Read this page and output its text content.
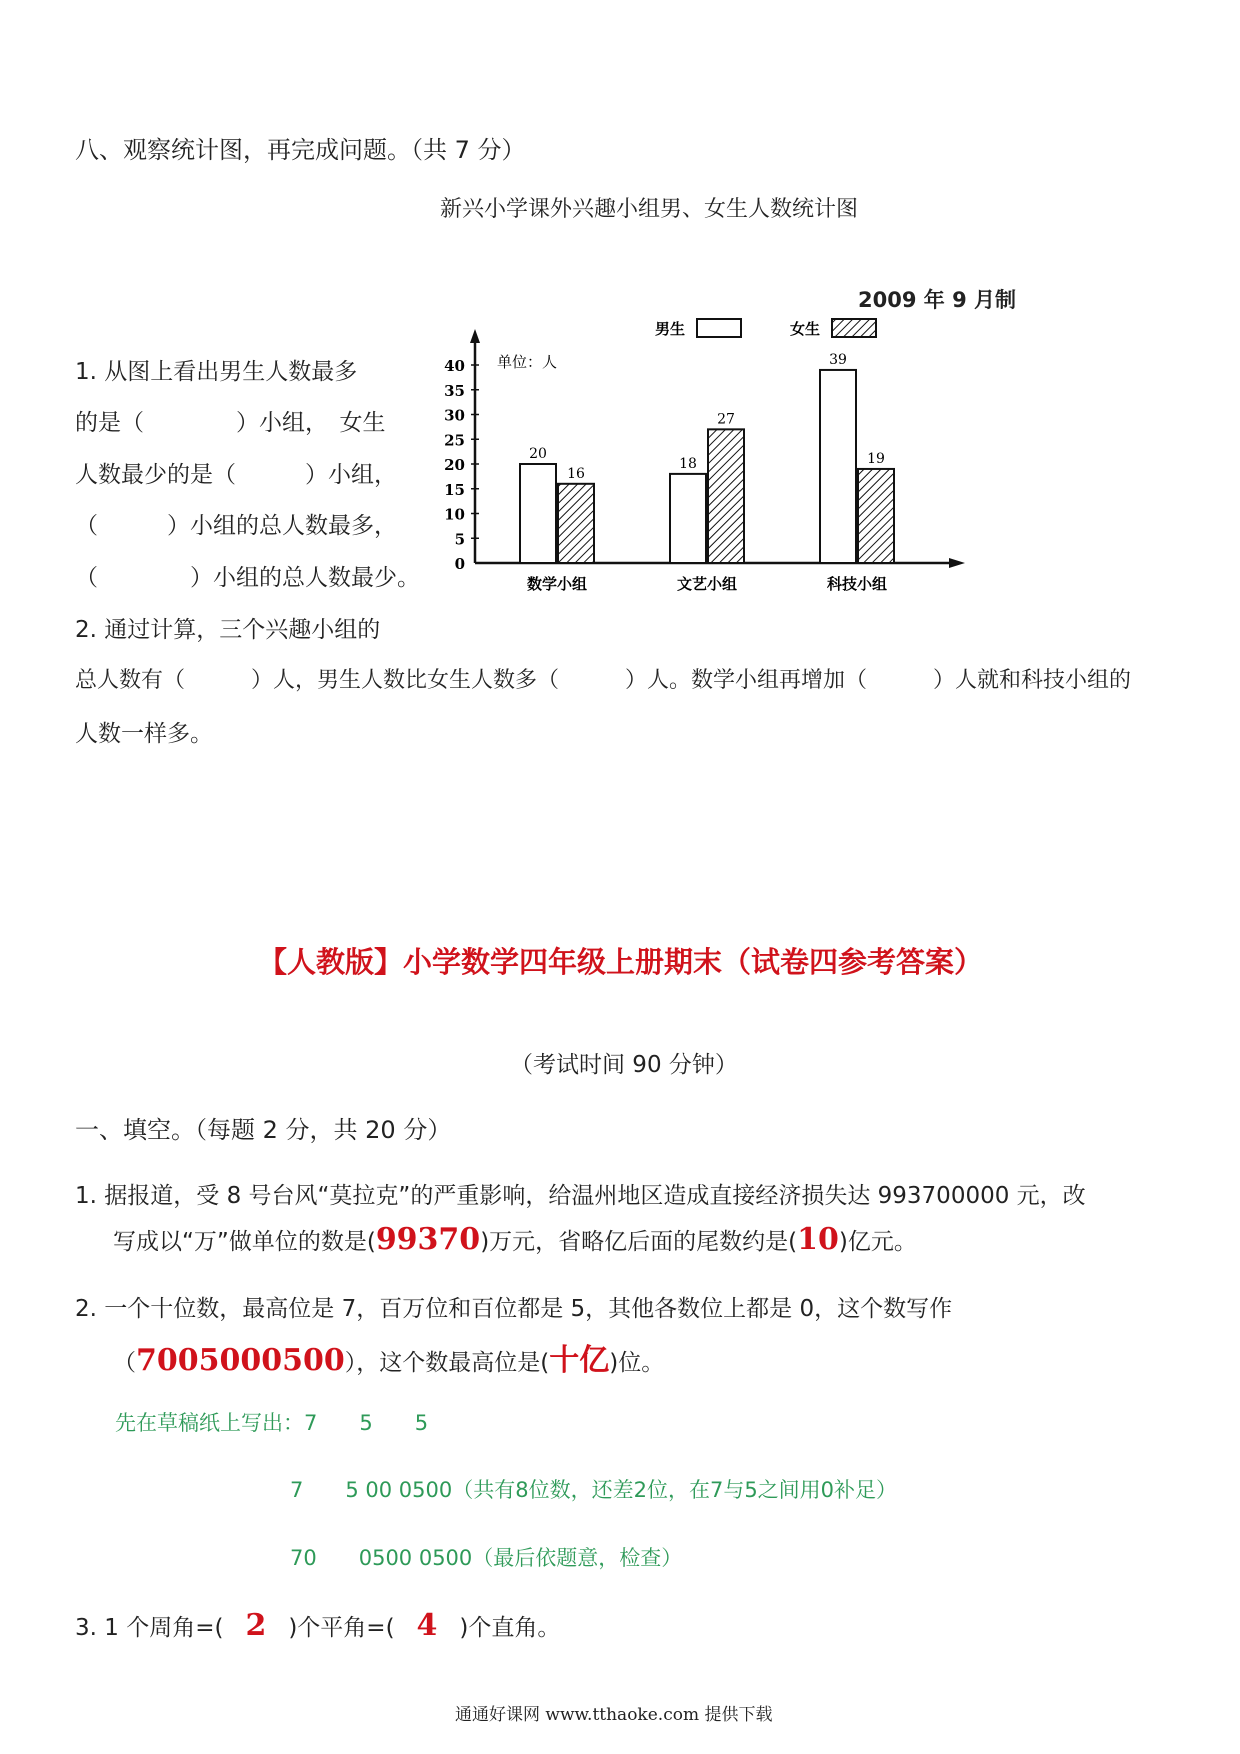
八、观察统计图，再完成问题。（共 7 分）
新兴小学课外兴趣小组男、女生人数统计图
2009 年 9 月制
1. 从图上看出男生人数最多
的是（　　　　）小组，　女生
人数最少的是（　　　）小组，
（　　　）小组的总人数最多，
（　　　　）小组的总人数最少。
2. 通过计算，三个兴趣小组的
总人数有（　　　）人，男生人数比女生人数多（　　　）人。数学小组再增加（　　　）人就和科技小组的
人数一样多。
0
5
10
15
20
25
30
35
40
20
16
数学小组
18
27
文艺小组
39
19
科技小组
男生	女生
单位：人
【人教版】小学数学四年级上册期末（试卷四参考答案）
（考试时间 90 分钟）
一、填空。（每题 2 分，共 20 分）
1. 据报道，受 8 号台风“莫拉克”的严重影响，给温州地区造成直接经济损失达 993700000 元，改
写成以“万”做单位的数是(99370)万元，省略亿后面的尾数约是(10)亿元。
2. 一个十位数，最高位是 7，百万位和百位都是 5，其他各数位上都是 0，这个数写作
（7005000500），这个数最高位是(十亿)位。
先在草稿纸上写出：7　　5　　5
7　　5 00 0500（共有8位数，还差2位，在7与5之间用0补足）
70　　0500 0500（最后依题意，检查）
3. 1 个周角=( 2 )个平角=( 4 )个直角。
通通好课网 www.tthaoke.com 提供下载
